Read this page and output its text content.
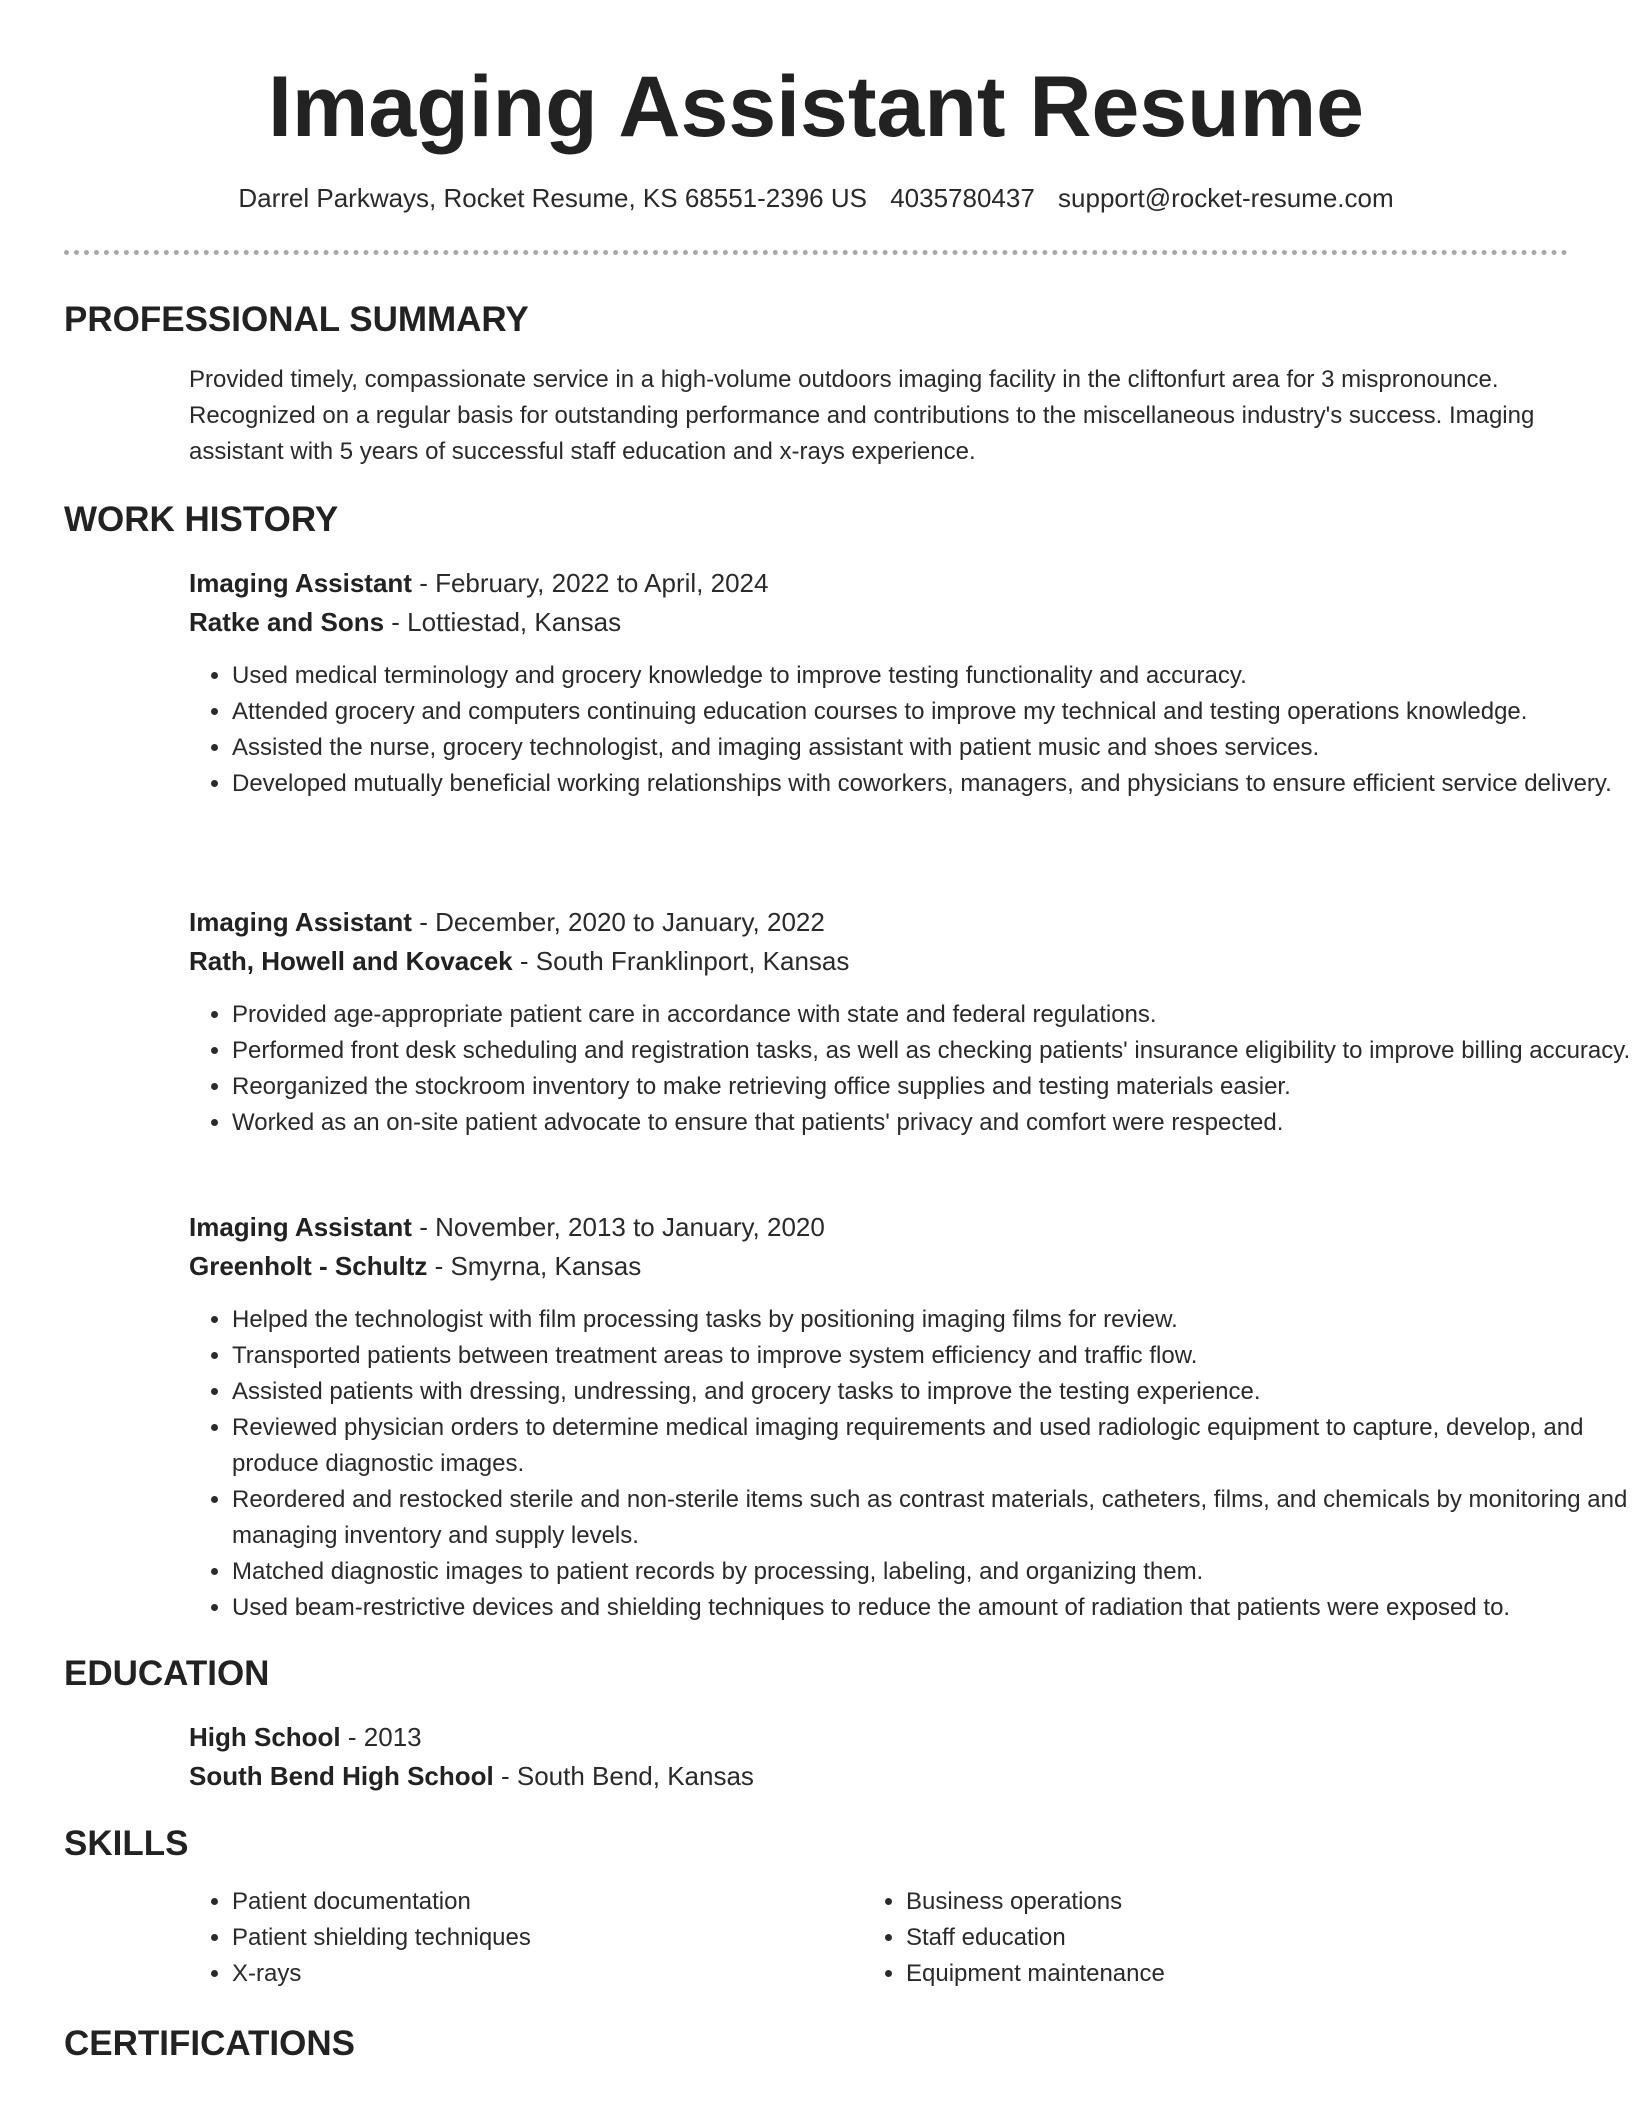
Imaging Assistant Resume
Darrel Parkways, Rocket Resume, KS 68551-2396 US 4035780437 support@rocket-resume.com
PROFESSIONAL SUMMARY

Provided timely, compassionate service in a high-volume outdoors imaging facility in the cliftonfurt area for 3 mispronounce. Recognized on a regular basis for outstanding performance and contributions to the miscellaneous industry's success. Imaging assistant with 5 years of successful staff education and x-rays experience.

WORK HISTORY
Imaging Assistant - February, 2022 to April, 2024
Ratke and Sons - Lottiestad, Kansas
• Used medical terminology and grocery knowledge to improve testing functionality and accuracy.
• Attended grocery and computers continuing education courses to improve my technical and testing operations knowledge.
• Assisted the nurse, grocery technologist, and imaging assistant with patient music and shoes services.
• Developed mutually beneficial working relationships with coworkers, managers, and physicians to ensure efficient service delivery.
Imaging Assistant - December, 2020 to January, 2022
Rath, Howell and Kovacek - South Franklinport, Kansas
• Provided age-appropriate patient care in accordance with state and federal regulations.
• Performed front desk scheduling and registration tasks, as well as checking patients' insurance eligibility to improve billing accuracy.
• Reorganized the stockroom inventory to make retrieving office supplies and testing materials easier.
• Worked as an on-site patient advocate to ensure that patients' privacy and comfort were respected.
Imaging Assistant - November, 2013 to January, 2020
Greenholt - Schultz - Smyrna, Kansas
• Helped the technologist with film processing tasks by positioning imaging films for review.
• Transported patients between treatment areas to improve system efficiency and traffic flow.
• Assisted patients with dressing, undressing, and grocery tasks to improve the testing experience.
• Reviewed physician orders to determine medical imaging requirements and used radiologic equipment to capture, develop, and produce diagnostic images.
• Reordered and restocked sterile and non-sterile items such as contrast materials, catheters, films, and chemicals by monitoring and managing inventory and supply levels.
• Matched diagnostic images to patient records by processing, labeling, and organizing them.
• Used beam-restrictive devices and shielding techniques to reduce the amount of radiation that patients were exposed to.
EDUCATION
High School - 2013
South Bend High School - South Bend, Kansas
SKILLS
• Patient documentation
• Patient shielding techniques
• X-rays
• Business operations
• Staff education
• Equipment maintenance
CERTIFICATIONS
